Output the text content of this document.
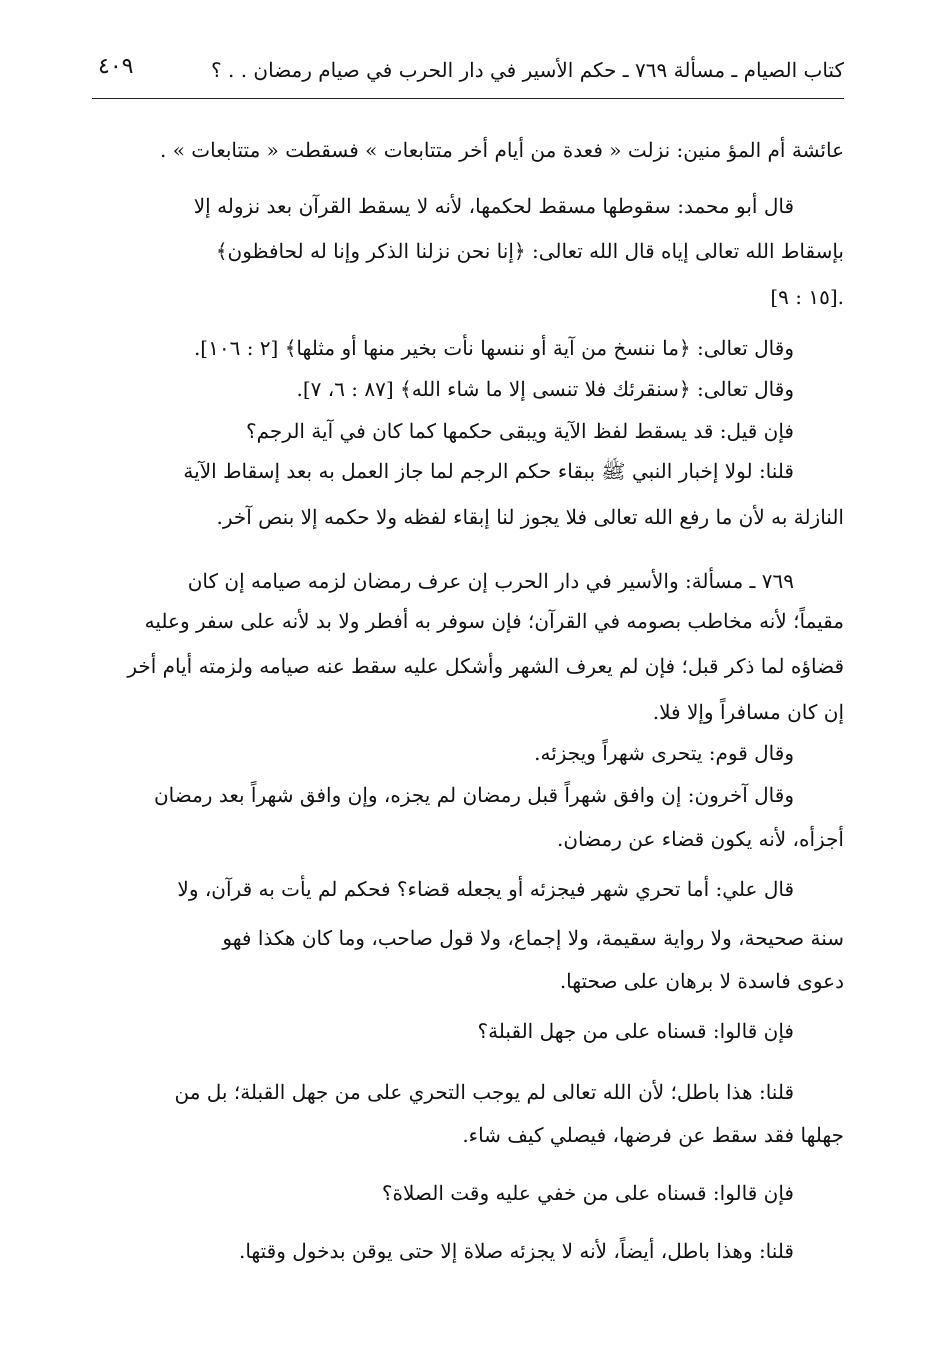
كتاب الصيام ـ مسألة ٧٦٩ ـ حكم الأسير في دار الحرب في صيام رمضان . . ؟
٤٠٩
عائشة أم المؤ منين: نزلت « فعدة من أيام أخر متتابعات » فسقطت « متتابعات » .
قال أبو محمد: سقوطها مسقط لحكمها، لأنه لا يسقط القرآن بعد نزوله إلا
بإسقاط الله تعالى إياه قال الله تعالى: ﴿إنا نحن نزلنا الذكر وإنا له لحافظون﴾
.[١٥ : ٩]
وقال تعالى: ﴿ما ننسخ من آية أو ننسها نأت بخير منها أو مثلها﴾ [٢ : ١٠٦].
وقال تعالى: ﴿سنقرئك فلا تنسى إلا ما شاء الله﴾ [٨٧ : ٦، ٧].
فإن قيل: قد يسقط لفظ الآية ويبقى حكمها كما كان في آية الرجم؟
قلنا: لولا إخبار النبي ﷺ ببقاء حكم الرجم لما جاز العمل به بعد إسقاط الآية
النازلة به لأن ما رفع الله تعالى فلا يجوز لنا إبقاء لفظه ولا حكمه إلا بنص آخر.
٧٦٩ ـ مسألة: والأسير في دار الحرب إن عرف رمضان لزمه صيامه إن كان
مقيماً؛ لأنه مخاطب بصومه في القرآن؛ فإن سوفر به أفطر ولا بد لأنه على سفر وعليه
قضاؤه لما ذكر قبل؛ فإن لم يعرف الشهر وأشكل عليه سقط عنه صيامه ولزمته أيام أخر
إن كان مسافراً وإلا فلا.
وقال قوم: يتحرى شهراً ويجزئه.
وقال آخرون: إن وافق شهراً قبل رمضان لم يجزه، وإن وافق شهراً بعد رمضان
أجزأه، لأنه يكون قضاء عن رمضان.
قال علي: أما تحري شهر فيجزئه أو يجعله قضاء؟ فحكم لم يأت به قرآن، ولا
سنة صحيحة، ولا رواية سقيمة، ولا إجماع، ولا قول صاحب، وما كان هكذا فهو
دعوى فاسدة لا برهان على صحتها.
فإن قالوا: قسناه على من جهل القبلة؟
قلنا: هذا باطل؛ لأن الله تعالى لم يوجب التحري على من جهل القبلة؛ بل من
جهلها فقد سقط عن فرضها، فيصلي كيف شاء.
فإن قالوا: قسناه على من خفي عليه وقت الصلاة؟
قلنا: وهذا باطل، أيضاً، لأنه لا يجزئه صلاة إلا حتى يوقن بدخول وقتها.
